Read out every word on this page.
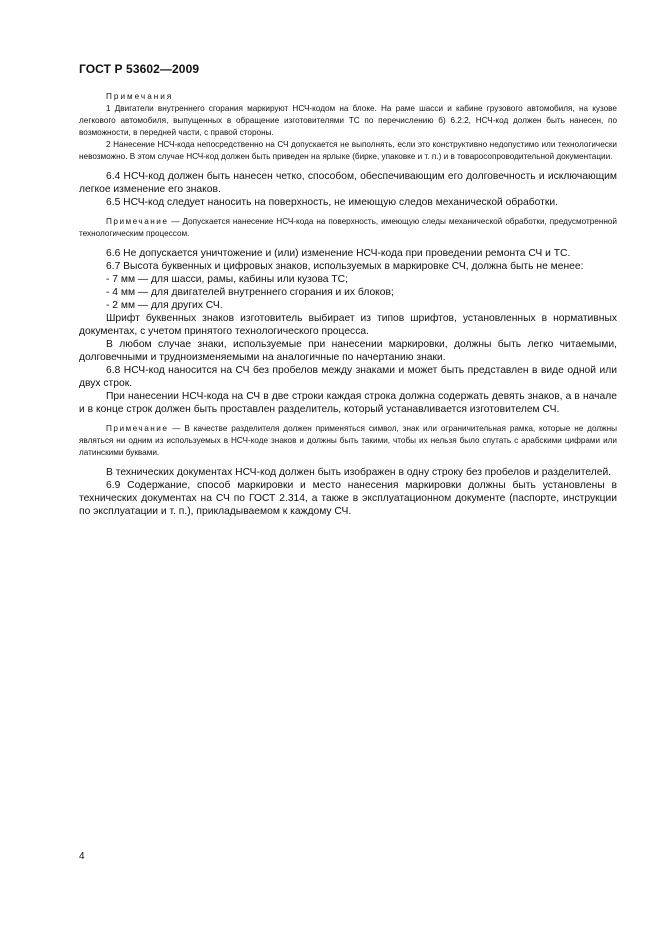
ГОСТ Р 53602—2009

Примечания

1 Двигатели внутреннего сгорания маркируют НСЧ-кодом на блоке. На раме шасси и кабине грузового автомобиля, на кузове легкового автомобиля, выпущенных в обращение изготовителями ТС по перечислению б) 6.2.2, НСЧ-код должен быть нанесен, по возможности, в передней части, с правой стороны.

2 Нанесение НСЧ-кода непосредственно на СЧ допускается не выполнять, если это конструктивно недопустимо или технологически невозможно. В этом случае НСЧ-код должен быть приведен на ярлыке (бирке, упаковке и т. п.) и в товаросопроводительной документации.

6.4 НСЧ-код должен быть нанесен четко, способом, обеспечивающим его долговечность и исключающим легкое изменение его знаков.

6.5 НСЧ-код следует наносить на поверхность, не имеющую следов механической обработки.

Примечание — Допускается нанесение НСЧ-кода на поверхность, имеющую следы механической обработки, предусмотренной технологическим процессом.

6.6 Не допускается уничтожение и (или) изменение НСЧ-кода при проведении ремонта СЧ и ТС.

6.7 Высота буквенных и цифровых знаков, используемых в маркировке СЧ, должна быть не менее:

- 7 мм — для шасси, рамы, кабины или кузова ТС;

- 4 мм — для двигателей внутреннего сгорания и их блоков;

- 2 мм — для других СЧ.

Шрифт буквенных знаков изготовитель выбирает из типов шрифтов, установленных в нормативных документах, с учетом принятого технологического процесса.

В любом случае знаки, используемые при нанесении маркировки, должны быть легко читаемыми, долговечными и трудноизменяемыми на аналогичные по начертанию знаки.

6.8 НСЧ-код наносится на СЧ без пробелов между знаками и может быть представлен в виде одной или двух строк.

При нанесении НСЧ-кода на СЧ в две строки каждая строка должна содержать девять знаков, а в начале и в конце строк должен быть проставлен разделитель, который устанавливается изготовителем СЧ.

Примечание — В качестве разделителя должен применяться символ, знак или ограничительная рамка, которые не должны являться ни одним из используемых в НСЧ-коде знаков и должны быть такими, чтобы их нельзя было спутать с арабскими цифрами или латинскими буквами.

В технических документах НСЧ-код должен быть изображен в одну строку без пробелов и разделителей.

6.9 Содержание, способ маркировки и место нанесения маркировки должны быть установлены в технических документах на СЧ по ГОСТ 2.314, а также в эксплуатационном документе (паспорте, инструкции по эксплуатации и т. п.), прикладываемом к каждому СЧ.

4
